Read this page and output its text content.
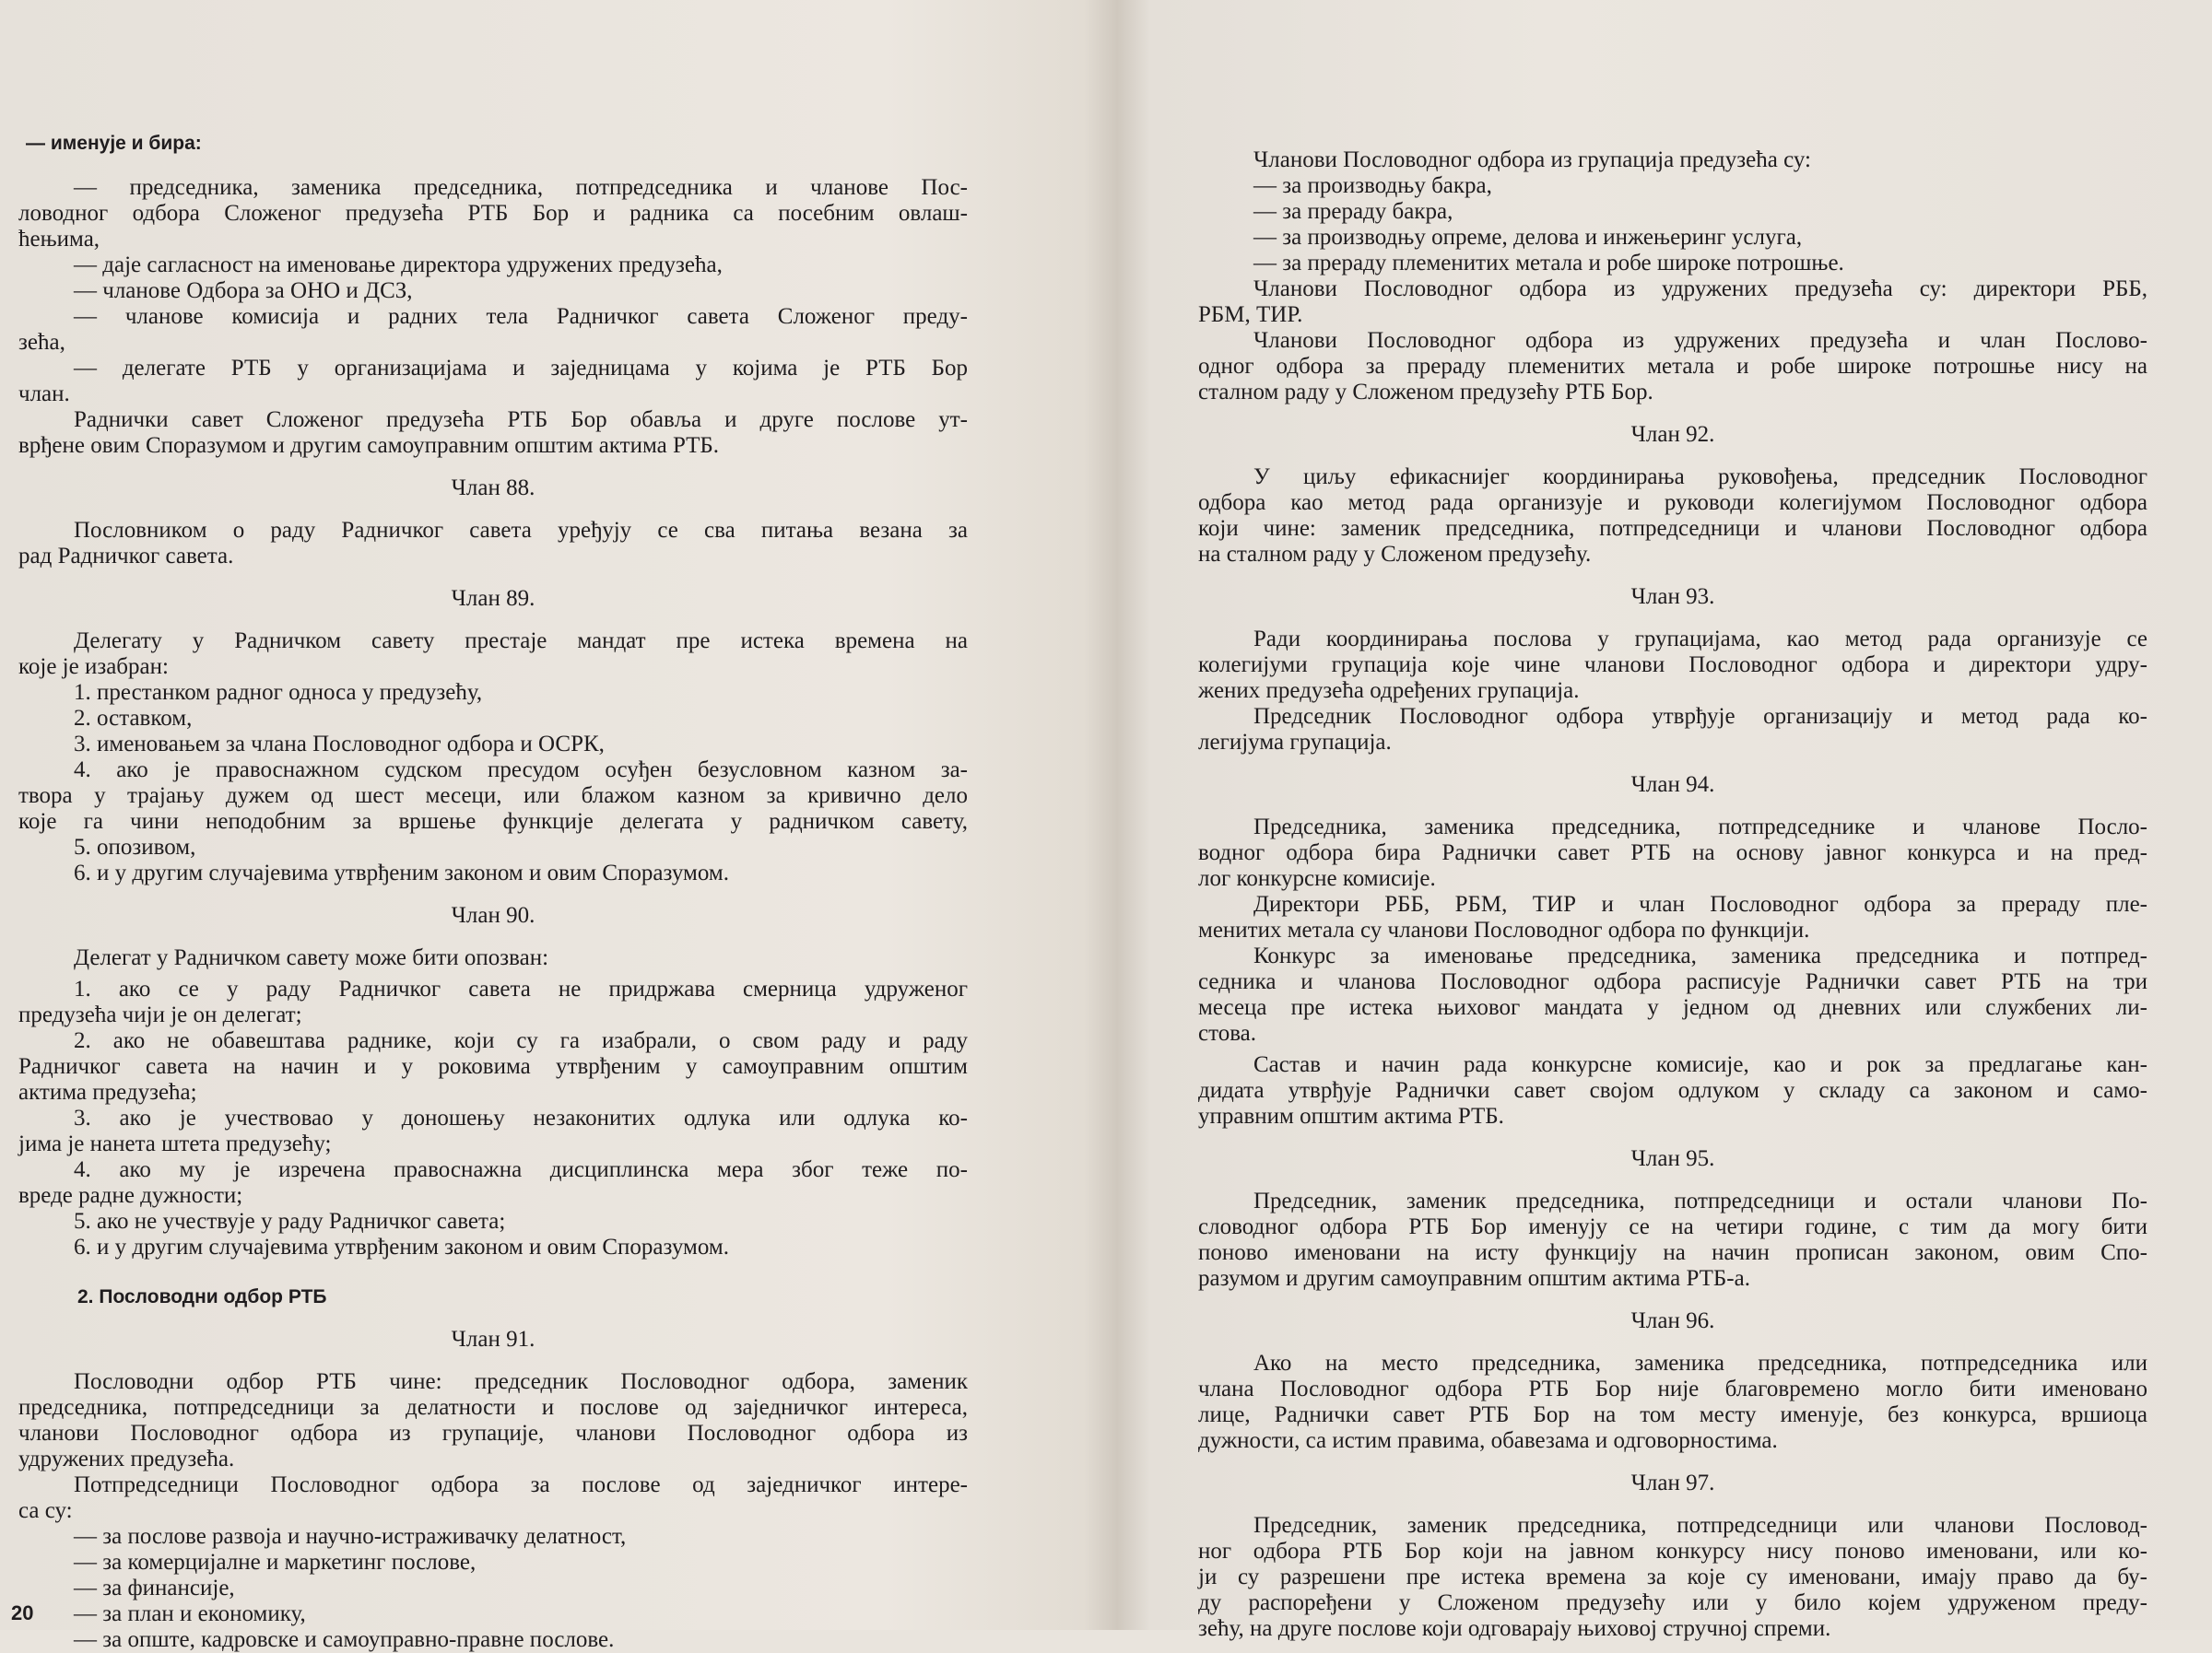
— именује и бира:
— председника, заменика председника, потпредседника и чланове Пос-
ловодног одбора Сложеног предузећа РТБ Бор и радника са посебним овлаш-
ћењима,
— даје сагласност на именовање директора удружених предузећа,
— чланове Одбора за ОНО и ДСЗ,
— чланове комисија и радних тела Радничког савета Сложеног преду-
зећа,
— делегате РТБ у организацијама и заједницама у којима је РТБ Бор
члан.
Раднички савет Сложеног предузећа РТБ Бор обавља и друге послове ут-
врђене овим Споразумом и другим самоуправним општим актима РТБ.
Члан 88.
Пословником о раду Радничког савета уређују се сва питања везана за
рад Радничког савета.
Члан 89.
Делегату у Радничком савету престаје мандат пре истека времена на
које је изабран:
1. престанком радног односа у предузећу,
2. оставком,
3. именовањем за члана Пословодног одбора и ОСРК,
4. ако је правоснажном судском пресудом осуђен безусловном казном за-
твора у трајању дужем од шест месеци, или блажом казном за кривично дело
које га чини неподобним за вршење функције делегата у радничком савету,
5. опозивом,
6. и у другим случајевима утврђеним законом и овим Споразумом.
Члан 90.
Делегат у Радничком савету може бити опозван:
1. ако се у раду Радничког савета не придржава смерница удруженог
предузећа чији је он делегат;
2. ако не обавештава раднике, који су га изабрали, о свом раду и раду
Радничког савета на начин и у роковима утврђеним у самоуправним општим
актима предузећа;
3. ако је учествовао у доношењу незаконитих одлука или одлука ко-
јима је нанета штета предузећу;
4. ако му је изречена правоснажна дисциплинска мера због теже по-
вреде радне дужности;
5. ако не учествује у раду Радничког савета;
6. и у другим случајевима утврђеним законом и овим Споразумом.
2. Пословодни одбор РТБ
Члан 91.
Пословодни одбор РТБ чине: председник Пословодног одбора, заменик
председника, потпредседници за делатности и послове од заједничког интереса,
чланови Пословодног одбора из групације, чланови Пословодног одбора из
удружених предузећа.
Потпредседници Пословодног одбора за послове од заједничког интере-
са су:
— за послове развоја и научно-истраживачку делатност,
— за комерцијалне и маркетинг послове,
— за финансије,
— за план и економику,
— за опште, кадровске и самоуправно-правне послове.
20
Чланови Пословодног одбора из групација предузећа су:
— за производњу бакра,
— за прераду бакра,
— за производњу опреме, делова и инжењеринг услуга,
— за прераду племенитих метала и робе широке потрошње.
Чланови Пословодног одбора из удружених предузећа су: директори РББ,
РБМ, ТИР.
Чланови Пословодног одбора из удружених предузећа и члан Пословo-
одног одбора за прераду племенитих метала и робе широке потрошње нису на
сталном раду у Сложеном предузећу РТБ Бор.
Члан 92.
У циљу ефикаснијег координирања руковођења, председник Пословодног
одбора као метод рада организује и руководи колегијумом Пословодног одбора
који чине: заменик председника, потпредседници и чланови Пословодног одбора
на сталном раду у Сложеном предузећу.
Члан 93.
Ради координирања послова у групацијама, као метод рада организује се
колегијуми групација које чине чланови Пословодног одбора и директори удру-
жених предузећа одређених групација.
Председник Пословодног одбора утврђује организацију и метод рада ко-
легијума групација.
Члан 94.
Председника, заменика председника, потпредседнике и чланове Посло-
водног одбора бира Раднички савет РТБ на основу јавног конкурса и на пред-
лог конкурсне комисије.
Директори РББ, РБМ, ТИР и члан Пословодног одбора за прераду пле-
менитих метала су чланови Пословодног одбора по функцији.
Конкурс за именовање председника, заменика председника и потпред-
седника и чланова Пословодног одбора расписује Раднички савет РТБ на три
месеца пре истека њиховог мандата у једном од дневних или службених ли-
стова.
Састав и начин рада конкурсне комисије, као и рок за предлагање кан-
дидата утврђује Раднички савет својом одлуком у складу са законом и само-
управним општим актима РТБ.
Члан 95.
Председник, заменик председника, потпредседници и остали чланови По-
словодног одбора РТБ Бор именују се на четири године, с тим да могу бити
поново именовани на исту функцију на начин прописан законом, овим Спо-
разумом и другим самоуправним општим актима РТБ-а.
Члан 96.
Ако на место председника, заменика председника, потпредседника или
члана Пословодног одбора РТБ Бор није благовремено могло бити именовано
лице, Раднички савет РТБ Бор на том месту именује, без конкурса, вршиоца
дужности, са истим правима, обавезама и одговорностима.
Члан 97.
Председник, заменик председника, потпредседници или чланови Пословод-
ног одбора РТБ Бор који на јавном конкурсу нису поново именовани, или ко-
ји су разрешени пре истека времена за које су именовани, имају право да бу-
ду распоређени у Сложеном предузећу или у било којем удруженом преду-
зећу, на друге послове који одговарају њиховој стручној спреми.
